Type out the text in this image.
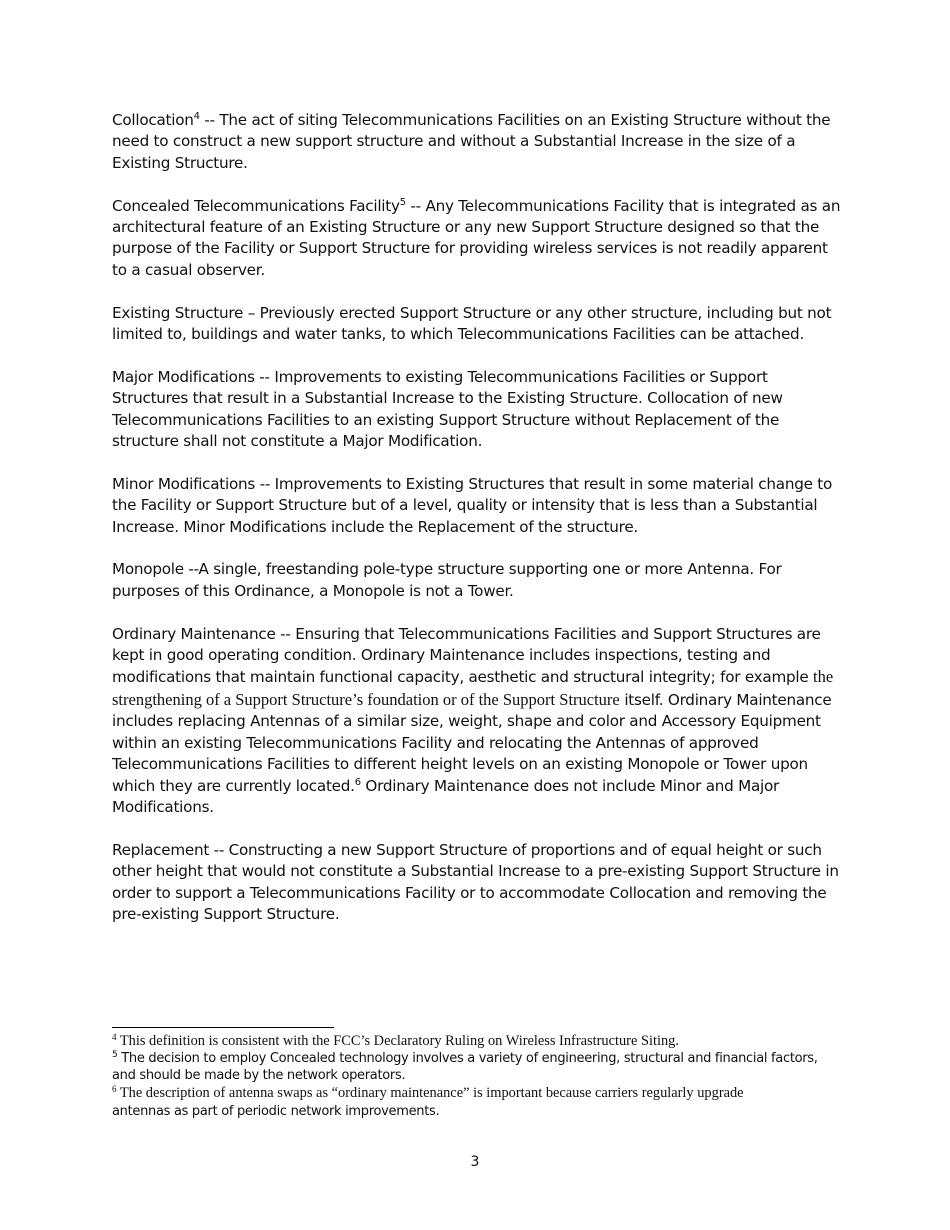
Collocation$^4$ -- The act of siting Telecommunications Facilities on an Existing Structure without the need to construct a new support structure and without a Substantial Increase in the size of a Existing Structure.

Concealed Telecommunications Facility$^5$ -- Any Telecommunications Facility that is integrated as an architectural feature of an Existing Structure or any new Support Structure designed so that the purpose of the Facility or Support Structure for providing wireless services is not readily apparent to a casual observer.

Existing Structure – Previously erected Support Structure or any other structure, including but not limited to, buildings and water tanks, to which Telecommunications Facilities can be attached.

Major Modifications -- Improvements to existing Telecommunications Facilities or Support Structures that result in a Substantial Increase to the Existing Structure. Collocation of new Telecommunications Facilities to an existing Support Structure without Replacement of the structure shall not constitute a Major Modification.

Minor Modifications -- Improvements to Existing Structures that result in some material change to the Facility or Support Structure but of a level, quality or intensity that is less than a Substantial Increase. Minor Modifications include the Replacement of the structure.

Monopole --A single, freestanding pole-type structure supporting one or more Antenna. For purposes of this Ordinance, a Monopole is not a Tower.

Ordinary Maintenance -- Ensuring that Telecommunications Facilities and Support Structures are kept in good operating condition. Ordinary Maintenance includes inspections, testing and modifications that maintain functional capacity, aesthetic and structural integrity; for example the strengthening of a Support Structure’s foundation or of the Support Structure itself. Ordinary Maintenance includes replacing Antennas of a similar size, weight, shape and color and Accessory Equipment within an existing Telecommunications Facility and relocating the Antennas of approved Telecommunications Facilities to different height levels on an existing Monopole or Tower upon which they are currently located.$^6$ Ordinary Maintenance does not include Minor and Major Modifications.

Replacement -- Constructing a new Support Structure of proportions and of equal height or such other height that would not constitute a Substantial Increase to a pre-existing Support Structure in order to support a Telecommunications Facility or to accommodate Collocation and removing the pre-existing Support Structure.

$^4$ This definition is consistent with the FCC’s Declaratory Ruling on Wireless Infrastructure Siting.

$^5$ The decision to employ Concealed technology involves a variety of engineering, structural and financial factors, and should be made by the network operators.

$^6$ The description of antenna swaps as “ordinary maintenance” is important because carriers regularly upgrade
antennas as part of periodic network improvements.

3
